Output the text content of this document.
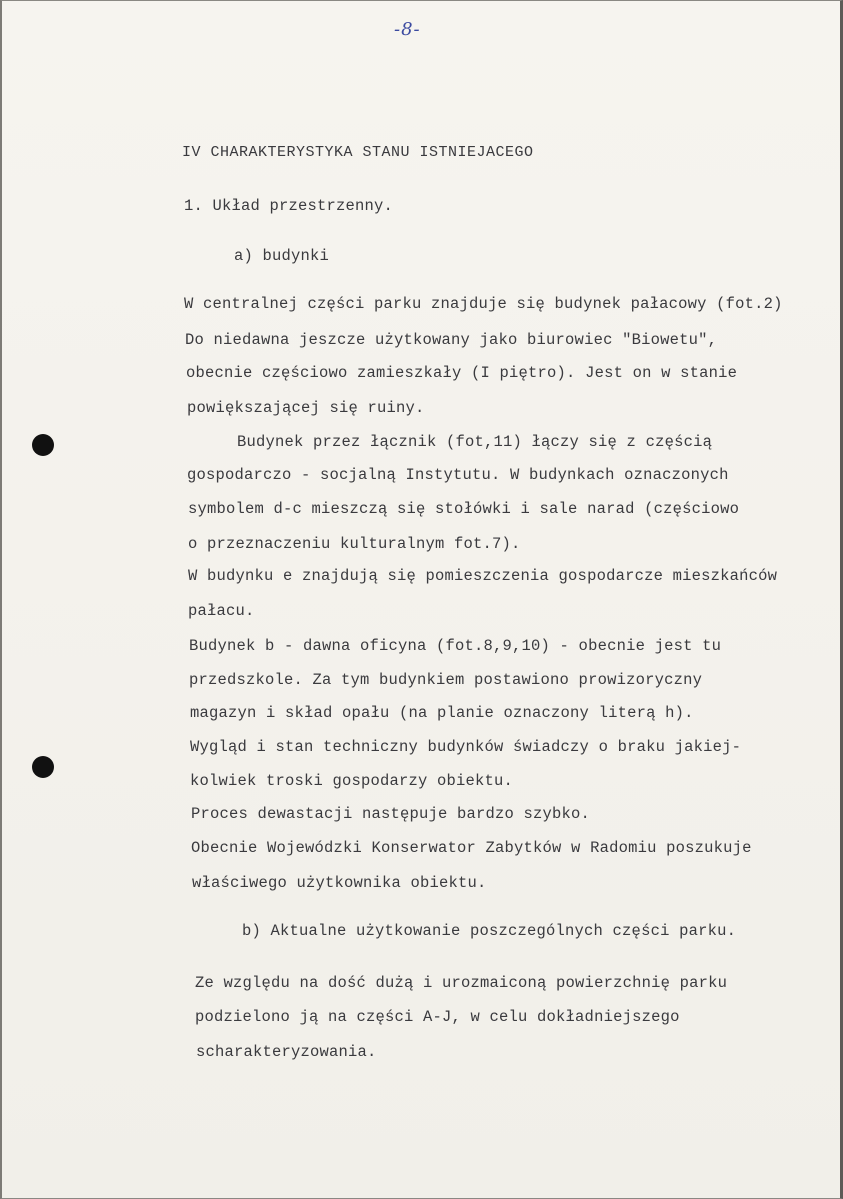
-8-
IV CHARAKTERYSTYKA STANU ISTNIEJACEGO
1. Układ przestrzenny.
a) budynki
W centralnej części parku znajduje się budynek pałacowy (fot.2)
Do niedawna jeszcze użytkowany jako biurowiec "Biowetu",
obecnie częściowo zamieszkały (I piętro). Jest on w stanie
powiększającej się ruiny.
Budynek przez łącznik (fot,11) łączy się z częścią
gospodarczo - socjalną Instytutu. W budynkach oznaczonych
symbolem d-c mieszczą się stołówki i sale narad (częściowo
o przeznaczeniu kulturalnym fot.7).
W budynku e znajdują się pomieszczenia gospodarcze mieszkańców
pałacu.
Budynek b - dawna oficyna (fot.8,9,10) - obecnie jest tu
przedszkole. Za tym budynkiem postawiono prowizoryczny
magazyn i skład opału (na planie oznaczony literą h).
Wygląd i stan techniczny budynków świadczy o braku jakiej-
kolwiek troski gospodarzy obiektu.
Proces dewastacji następuje bardzo szybko.
Obecnie Wojewódzki Konserwator Zabytków w Radomiu poszukuje
właściwego użytkownika obiektu.
b) Aktualne użytkowanie poszczególnych części parku.
Ze względu na dość dużą i urozmaiconą powierzchnię parku
podzielono ją na części A-J, w celu dokładniejszego
scharakteryzowania.
